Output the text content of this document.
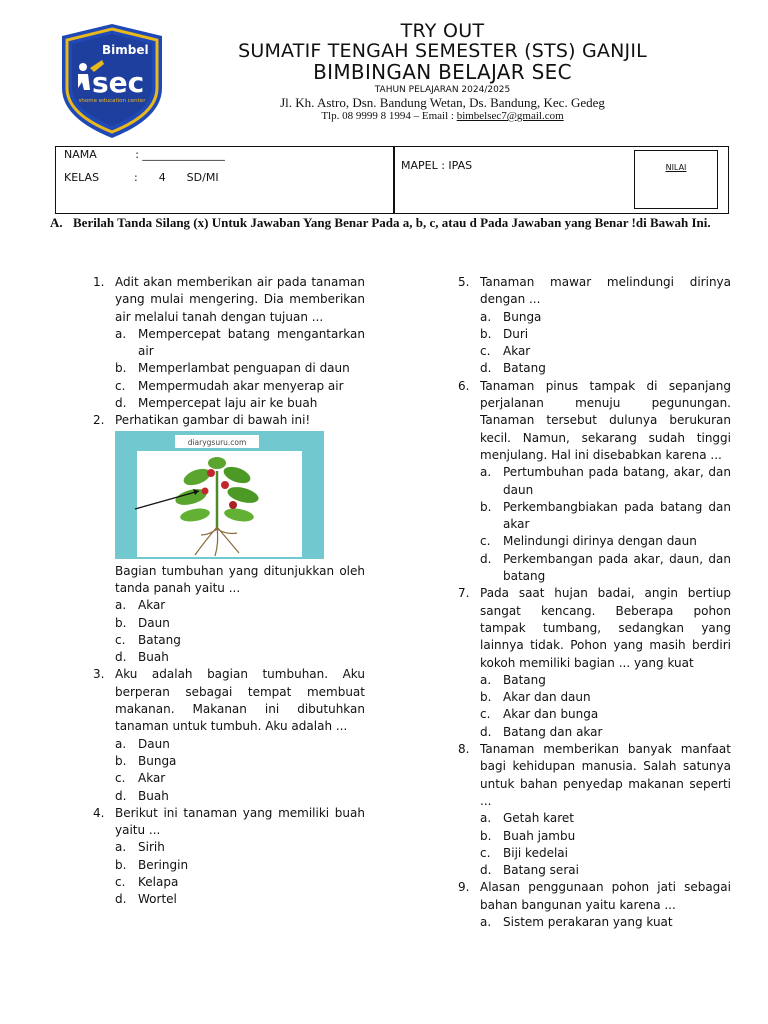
Bimbel
sec
shome education center
TRY OUT
SUMATIF TENGAH SEMESTER (STS) GANJIL
BIMBINGAN BELAJAR SEC
TAHUN PELAJARAN 2024/2025
Jl. Kh. Astro, Dsn. Bandung Wetan, Ds. Bandung, Kec. Gedeg
Tlp. 08 9999 8 1994 – Email : bimbelsec7@gmail.com
NAMA           : _______________
KELAS          :      4      SD/MI
MAPEL : IPAS	NILAI
A. Berilah Tanda Silang (x) Untuk Jawaban Yang Benar Pada a, b, c, atau d Pada Jawaban yang Benar !di Bawah Ini.
1. Adit akan memberikan air pada tanaman yang mulai mengering. Dia memberikan air melalui tanah dengan tujuan ...
a. Mempercepat batang mengantarkan air
b. Memperlambat penguapan di daun
c. Mempermudah akar menyerap air
d. Mempercepat laju air ke buah
2. Perhatikan gambar di bawah ini!
diarygsuru.com
Bagian tumbuhan yang ditunjukkan oleh tanda panah yaitu ...
a. Akar
b. Daun
c. Batang
d. Buah
3. Aku adalah bagian tumbuhan. Aku berperan sebagai tempat membuat makanan. Makanan ini dibutuhkan tanaman untuk tumbuh. Aku adalah ...
a. Daun
b. Bunga
c. Akar
d. Buah
4. Berikut ini tanaman yang memiliki buah yaitu ...
a. Sirih
b. Beringin
c. Kelapa
d. Wortel
5. Tanaman mawar melindungi dirinya dengan ...
a. Bunga
b. Duri
c. Akar
d. Batang
6. Tanaman pinus tampak di sepanjang perjalanan menuju pegunungan. Tanaman tersebut dulunya berukuran kecil. Namun, sekarang sudah tinggi menjulang. Hal ini disebabkan karena ...
a. Pertumbuhan pada batang, akar, dan daun
b. Perkembangbiakan pada batang dan akar
c. Melindungi dirinya dengan daun
d. Perkembangan pada akar, daun, dan batang
7. Pada saat hujan badai, angin bertiup sangat kencang. Beberapa pohon tampak tumbang, sedangkan yang lainnya tidak. Pohon yang masih berdiri kokoh memiliki bagian ... yang kuat
a. Batang
b. Akar dan daun
c. Akar dan bunga
d. Batang dan akar
8. Tanaman memberikan banyak manfaat bagi kehidupan manusia. Salah satunya untuk bahan penyedap makanan seperti ...
a. Getah karet
b. Buah jambu
c. Biji kedelai
d. Batang serai
9. Alasan penggunaan pohon jati sebagai bahan bangunan yaitu karena ...
a. Sistem perakaran yang kuat
